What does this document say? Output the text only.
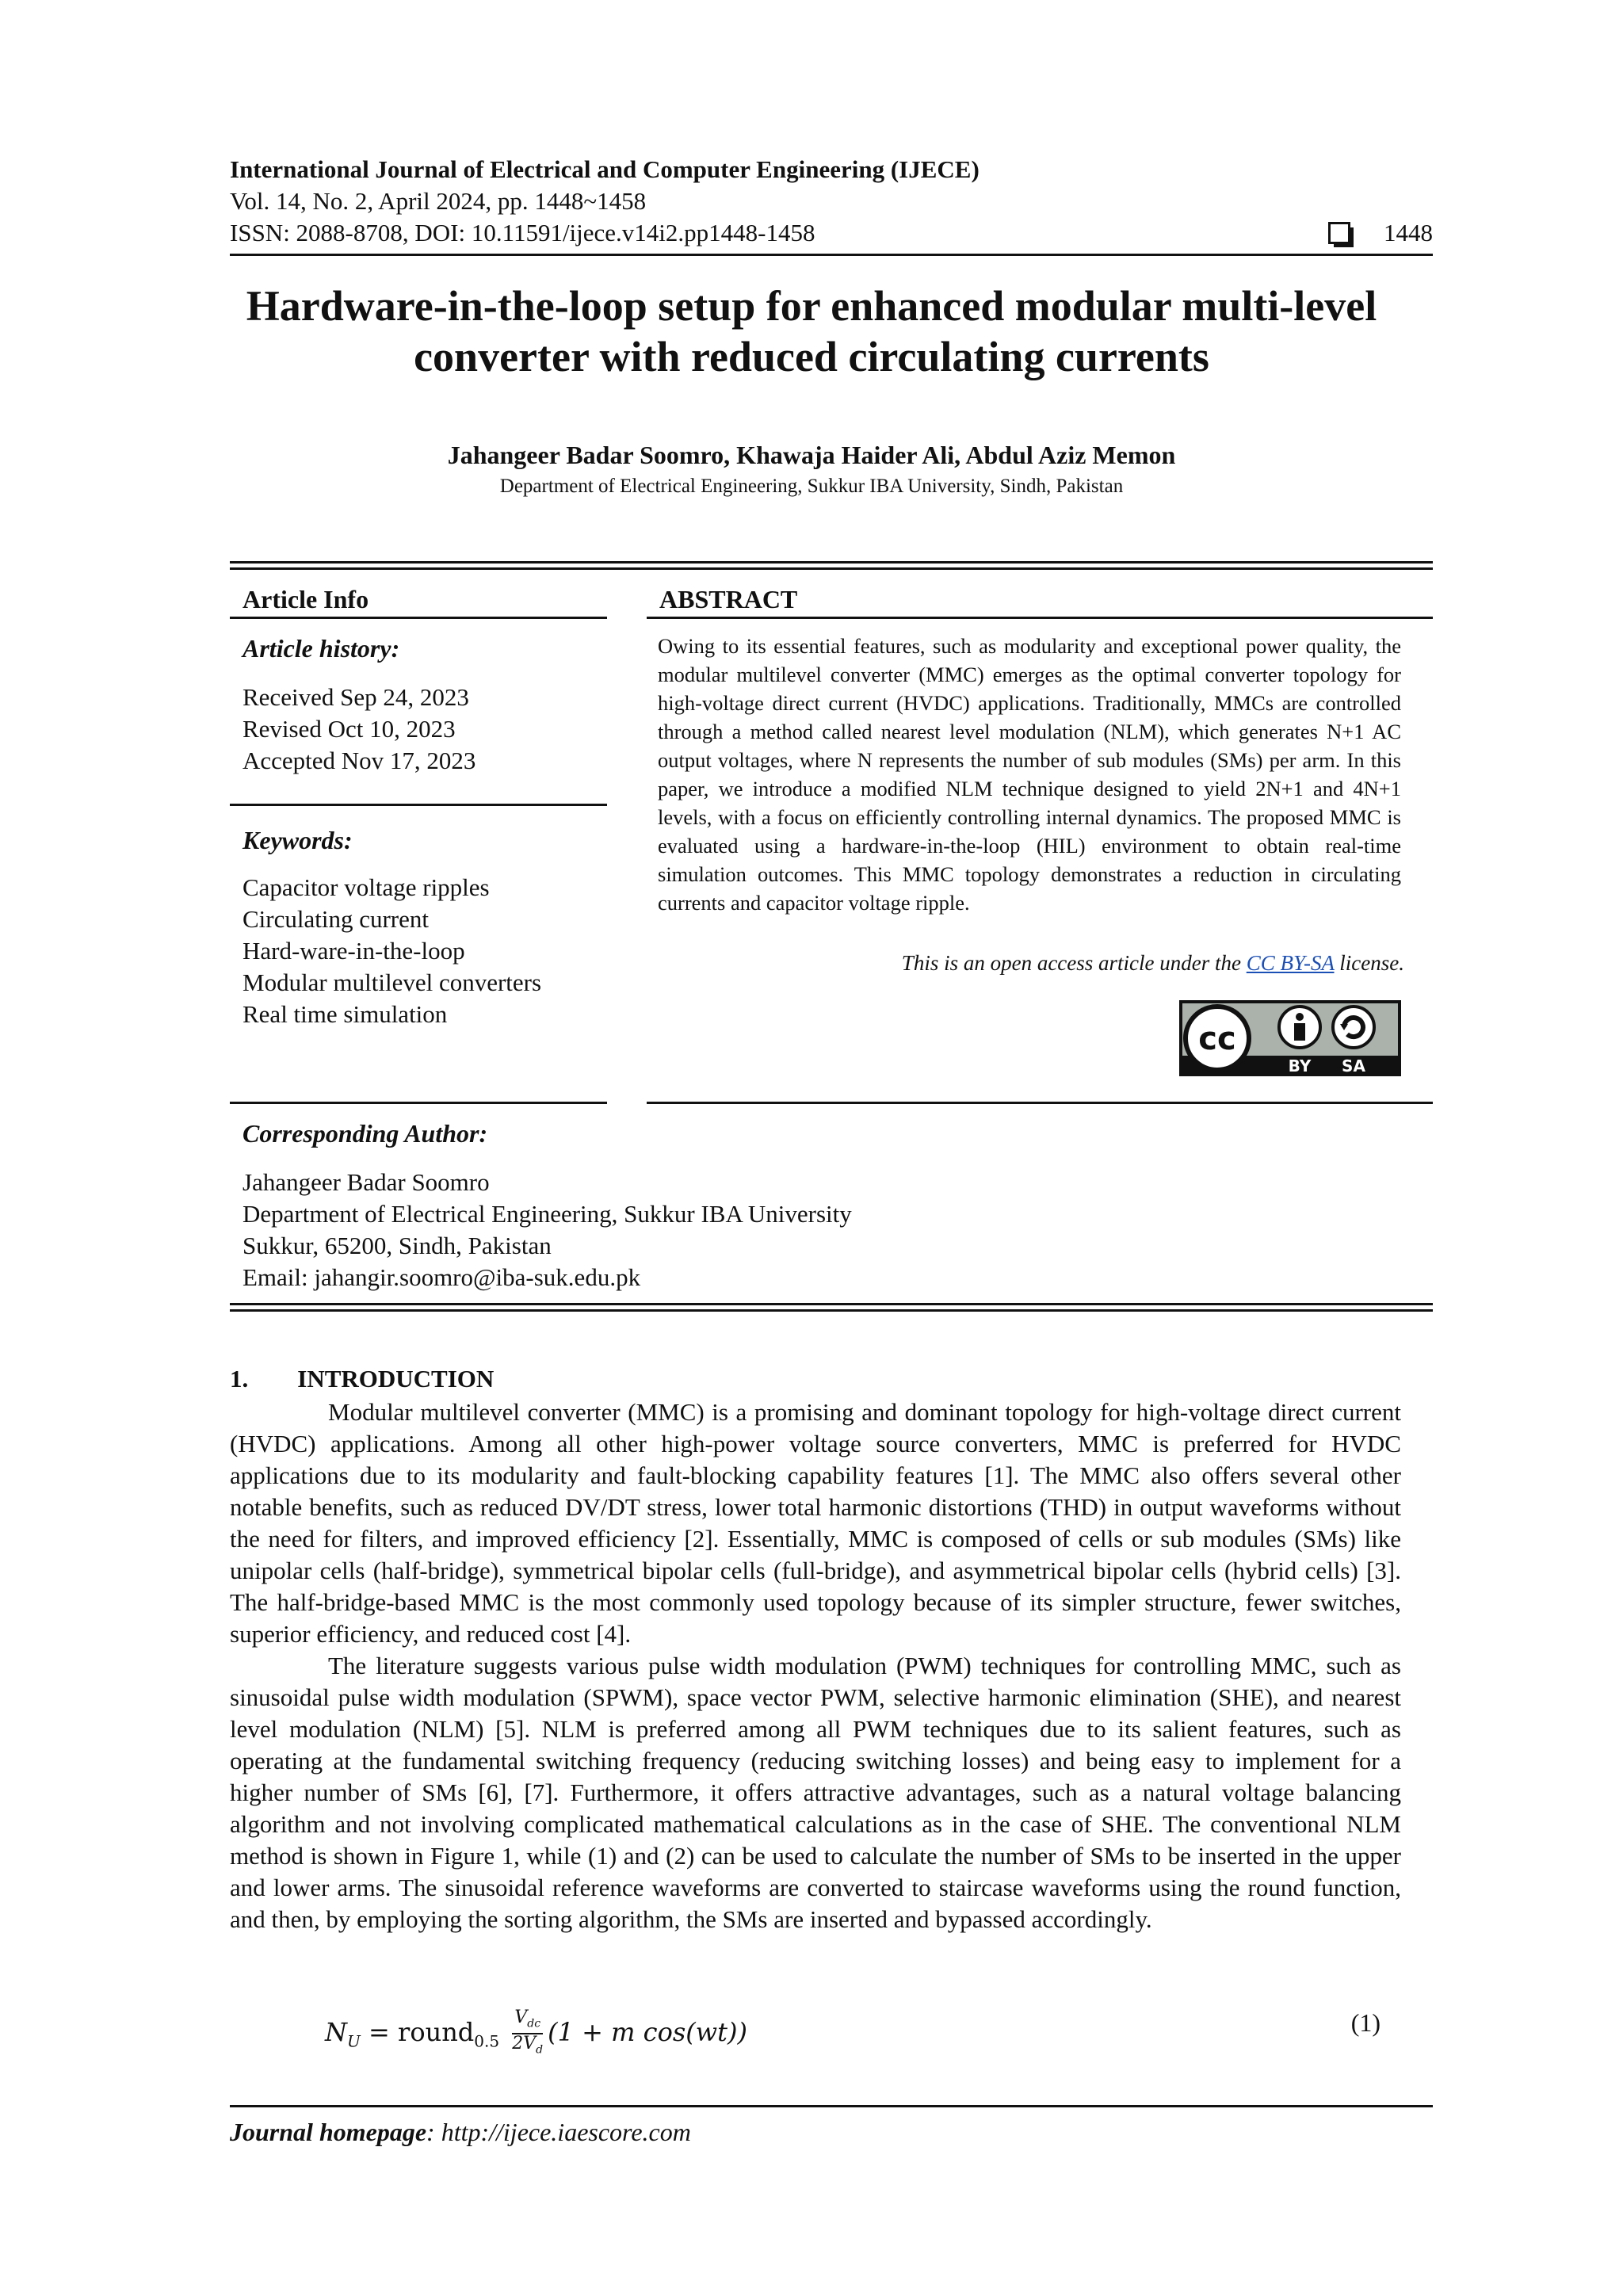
International Journal of Electrical and Computer Engineering (IJECE)
Vol. 14, No. 2, April 2024, pp. 1448~1458
ISSN: 2088-8708, DOI: 10.11591/ijece.v14i2.pp1448-1458	1448
Hardware-in-the-loop setup for enhanced modular multi-level
converter with reduced circulating currents
Jahangeer Badar Soomro, Khawaja Haider Ali, Abdul Aziz Memon
Department of Electrical Engineering, Sukkur IBA University, Sindh, Pakistan
Article Info
Article history:
Received Sep 24, 2023
Revised Oct 10, 2023
Accepted Nov 17, 2023
Keywords:
Capacitor voltage ripples
Circulating current
Hard-ware-in-the-loop
Modular multilevel converters
Real time simulation
ABSTRACT
Owing to its essential features, such as modularity and exceptional power quality, the modular multilevel converter (MMC) emerges as the optimal converter topology for high-voltage direct current (HVDC) applications. Traditionally, MMCs are controlled through a method called nearest level modulation (NLM), which generates N+1 AC output voltages, where N represents the number of sub modules (SMs) per arm. In this paper, we introduce a modified NLM technique designed to yield 2N+1 and 4N+1 levels, with a focus on efficiently controlling internal dynamics. The proposed MMC is evaluated using a hardware-in-the-loop (HIL) environment to obtain real-time simulation outcomes. This MMC topology demonstrates a reduction in circulating currents and capacitor voltage ripple.
This is an open access article under the CC BY-SA license.
cc
BY SA
Corresponding Author:
Jahangeer Badar Soomro
Department of Electrical Engineering, Sukkur IBA University
Sukkur, 65200, Sindh, Pakistan
Email: jahangir.soomro@iba-suk.edu.pk
1.  INTRODUCTION

Modular multilevel converter (MMC) is a promising and dominant topology for high-voltage direct current (HVDC) applications. Among all other high-power voltage source converters, MMC is preferred for HVDC applications due to its modularity and fault-blocking capability features [1]. The MMC also offers several other notable benefits, such as reduced DV/DT stress, lower total harmonic distortions (THD) in output waveforms without the need for filters, and improved efficiency [2]. Essentially, MMC is composed of cells or sub modules (SMs) like unipolar cells (half-bridge), symmetrical bipolar cells (full-bridge), and asymmetrical bipolar cells (hybrid cells) [3]. The half-bridge-based MMC is the most commonly used topology because of its simpler structure, fewer switches, superior efficiency, and reduced cost [4].

The literature suggests various pulse width modulation (PWM) techniques for controlling MMC, such as sinusoidal pulse width modulation (SPWM), space vector PWM, selective harmonic elimination (SHE), and nearest level modulation (NLM) [5]. NLM is preferred among all PWM techniques due to its salient features, such as operating at the fundamental switching frequency (reducing switching losses) and being easy to implement for a higher number of SMs [6], [7]. Furthermore, it offers attractive advantages, such as a natural voltage balancing algorithm and not involving complicated mathematical calculations as in the case of SHE. The conventional NLM method is shown in Figure 1, while (1) and (2) can be used to calculate the number of SMs to be inserted in the upper and lower arms. The sinusoidal reference waveforms are converted to staircase waveforms using the round function, and then, by employing the sorting algorithm, the SMs are inserted and bypassed accordingly.

$N_U$ = round$_{0.5}$
$V_{dc}$
$2V_d$
(1 + m cos(wt))	(1)
Journal homepage: http://ijece.iaescore.com
